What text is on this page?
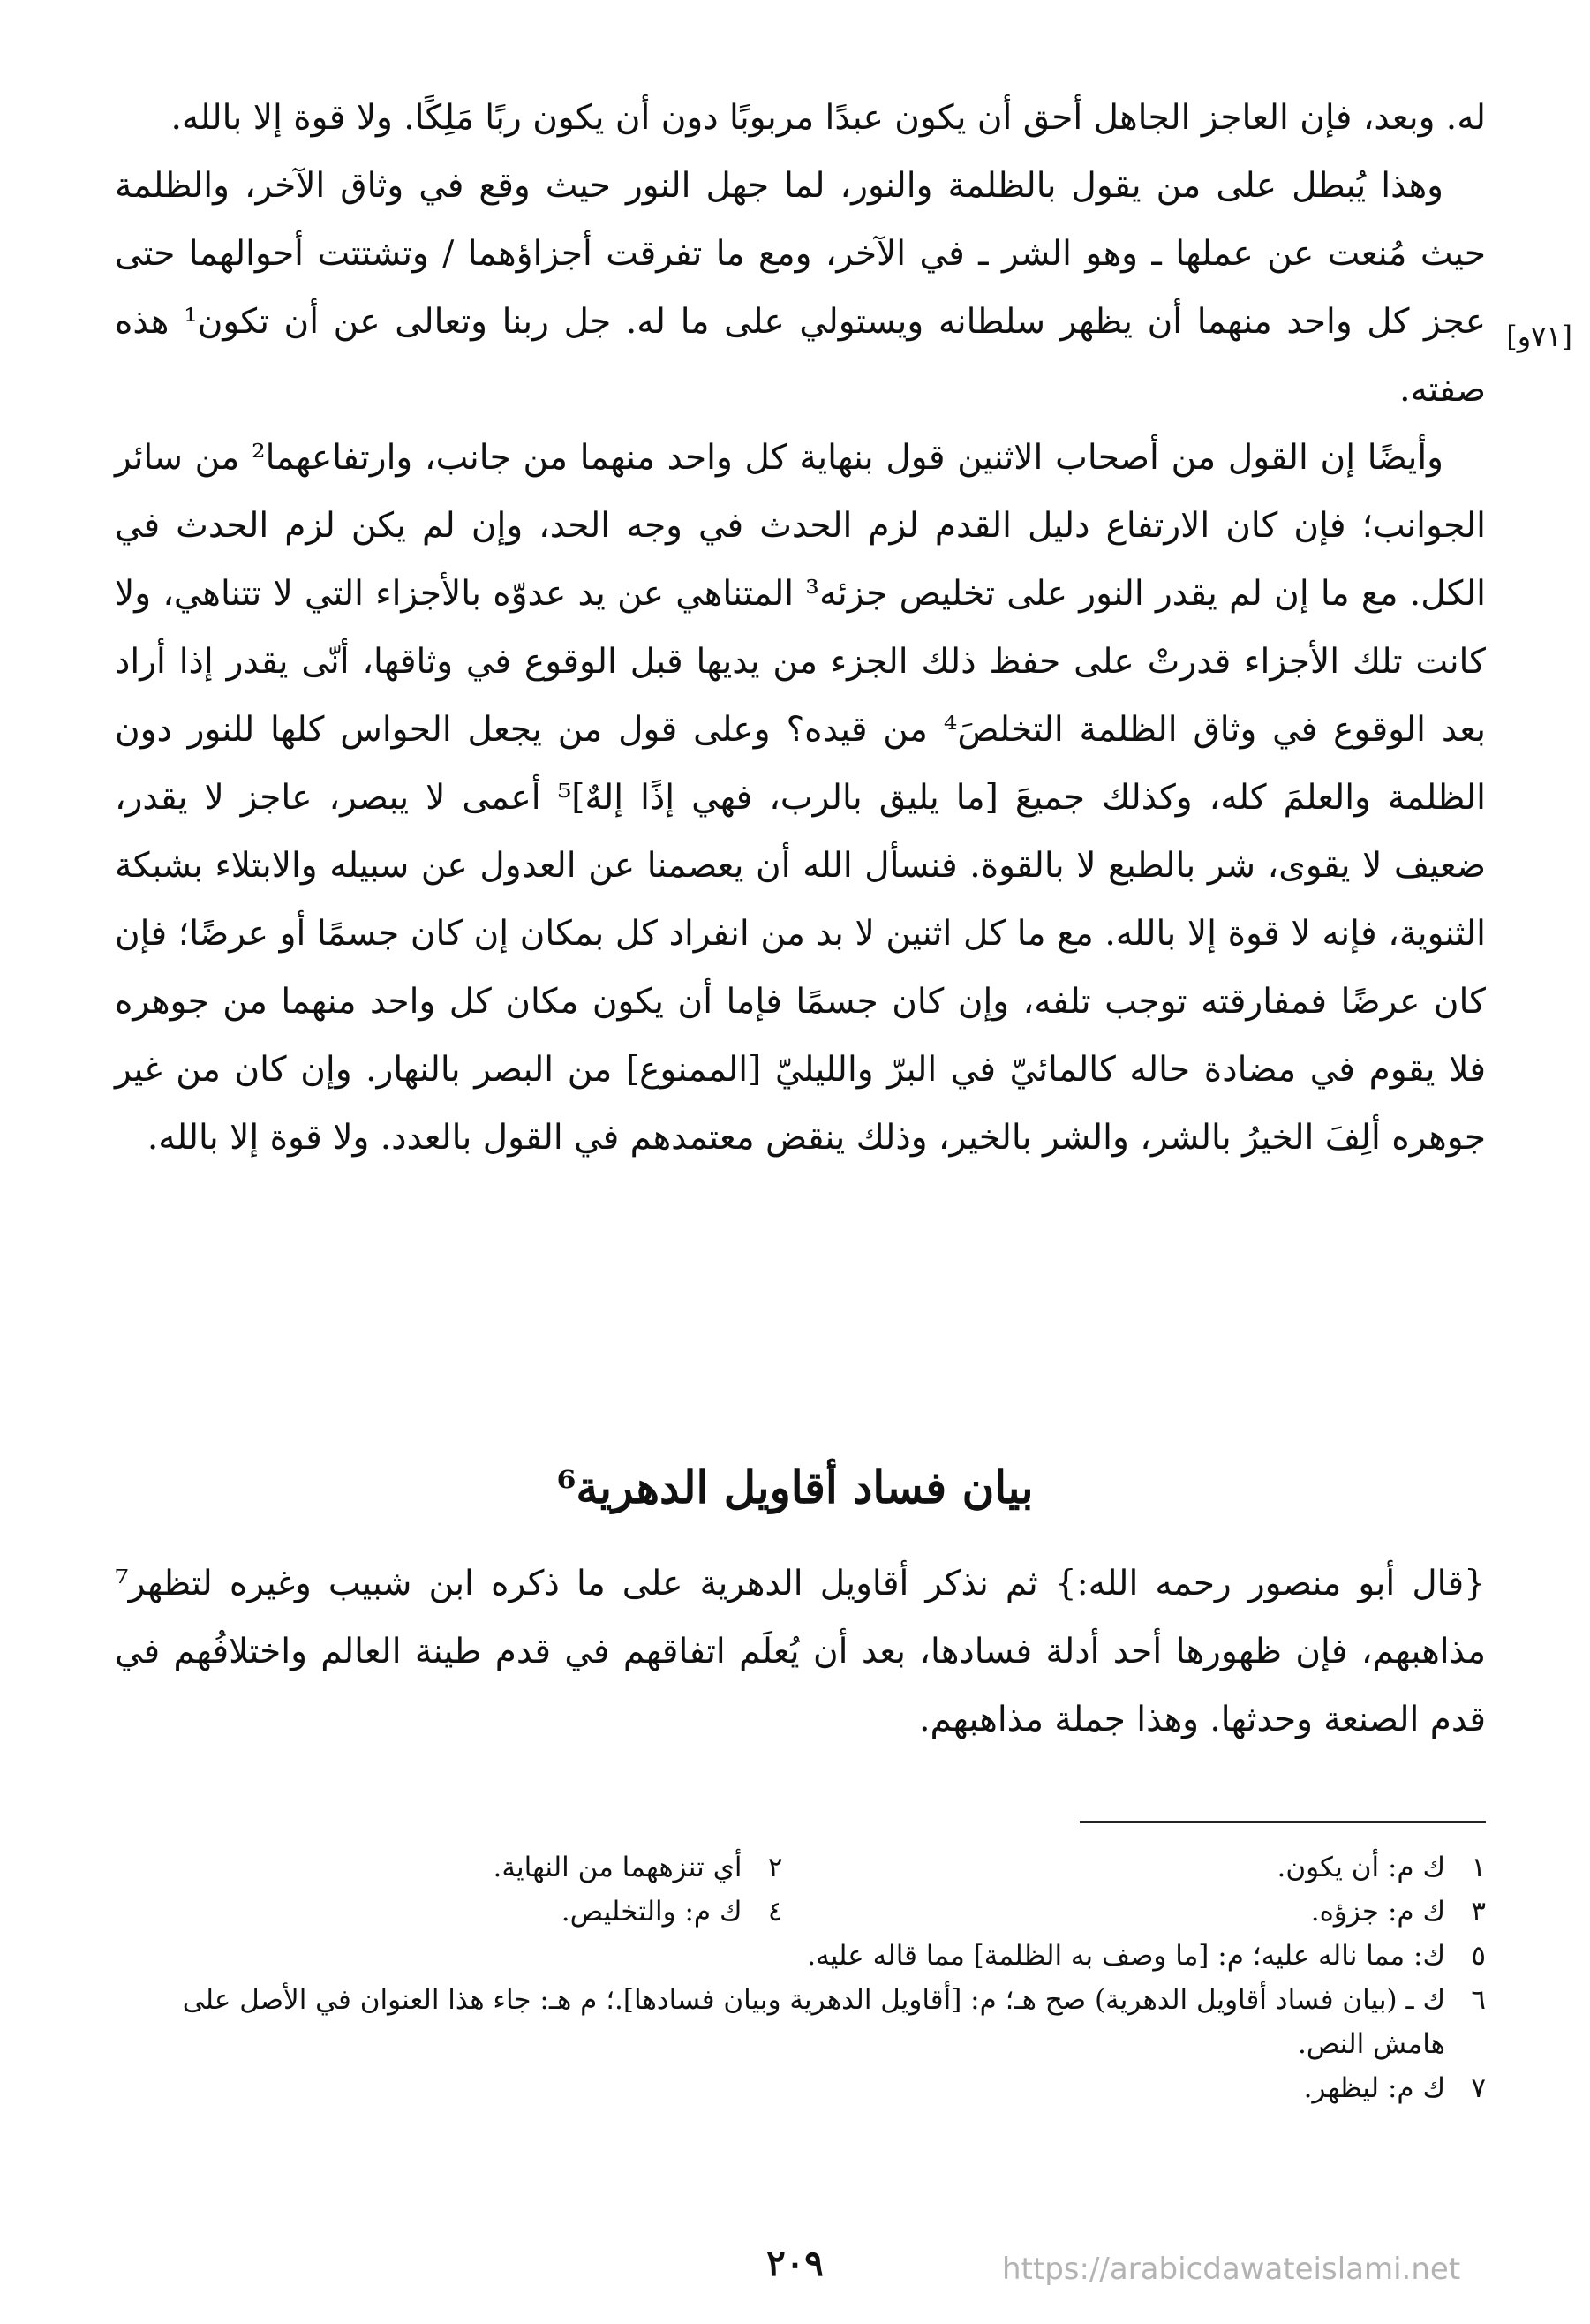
له. وبعد، فإن العاجز الجاهل أحق أن يكون عبدًا مربوبًا دون أن يكون ربًا مَلِكًا. ولا قوة إلا بالله.

وهذا يُبطل على من يقول بالظلمة والنور، لما جهل النور حيث وقع في وثاق الآخر، والظلمة حيث مُنعت عن عملها ـ وهو الشر ـ في الآخر، ومع ما تفرقت أجزاؤهما / وتشتتت أحوالهما حتى عجز كل واحد منهما أن يظهر سلطانه ويستولي على ما له. جل ربنا وتعالى عن أن تكون¹ هذه صفته.

وأيضًا إن القول من أصحاب الاثنين قول بنهاية كل واحد منهما من جانب، وارتفاعهما² من سائر الجوانب؛ فإن كان الارتفاع دليل القدم لزم الحدث في وجه الحد، وإن لم يكن لزم الحدث في الكل. مع ما إن لم يقدر النور على تخليص جزئه³ المتناهي عن يد عدوّه بالأجزاء التي لا تتناهي، ولا كانت تلك الأجزاء قدرتْ على حفظ ذلك الجزء من يديها قبل الوقوع في وثاقها، أنّى يقدر إذا أراد بعد الوقوع في وثاق الظلمة التخلصَ⁴ من قيده؟ وعلى قول من يجعل الحواس كلها للنور دون الظلمة والعلمَ كله، وكذلك جميعَ [ما يليق بالرب، فهي إذًا إلهٌ]⁵ أعمى لا يبصر، عاجز لا يقدر، ضعيف لا يقوى، شر بالطبع لا بالقوة. فنسأل الله أن يعصمنا عن العدول عن سبيله والابتلاء بشبكة الثنوية، فإنه لا قوة إلا بالله. مع ما كل اثنين لا بد من انفراد كل بمكان إن كان جسمًا أو عرضًا؛ فإن كان عرضًا فمفارقته توجب تلفه، وإن كان جسمًا فإما أن يكون مكان كل واحد منهما من جوهره فلا يقوم في مضادة حاله كالمائيّ في البرّ والليليّ [الممنوع] من البصر بالنهار. وإن كان من غير جوهره ألِفَ الخيرُ بالشر، والشر بالخير، وذلك ينقض معتمدهم في القول بالعدد. ولا قوة إلا بالله.

[٧١و]
بيان فساد أقاويل الدهرية⁶

{قال أبو منصور رحمه الله:} ثم نذكر أقاويل الدهرية على ما ذكره ابن شبيب وغيره لتظهر⁷ مذاهبهم، فإن ظهورها أحد أدلة فسادها، بعد أن يُعلَم اتفاقهم في قدم طينة العالم واختلافُهم في قدم الصنعة وحدثها. وهذا جملة مذاهبهم.

١
ك م: أن يكون.
٢
أي تنزههما من النهاية.
٣
ك م: جزؤه.
٤
ك م: والتخليص.
٥
ك: مما ناله عليه؛ م: [ما وصف به الظلمة] مما قاله عليه.
٦
ك ـ (بيان فساد أقاويل الدهرية) صح هـ؛ م: [أقاويل الدهرية وبيان فسادها].؛ م هـ: جاء هذا العنوان في الأصل على هامش النص.
٧
ك م: ليظهر.
٢٠٩	https://arabicdawateislami.net
